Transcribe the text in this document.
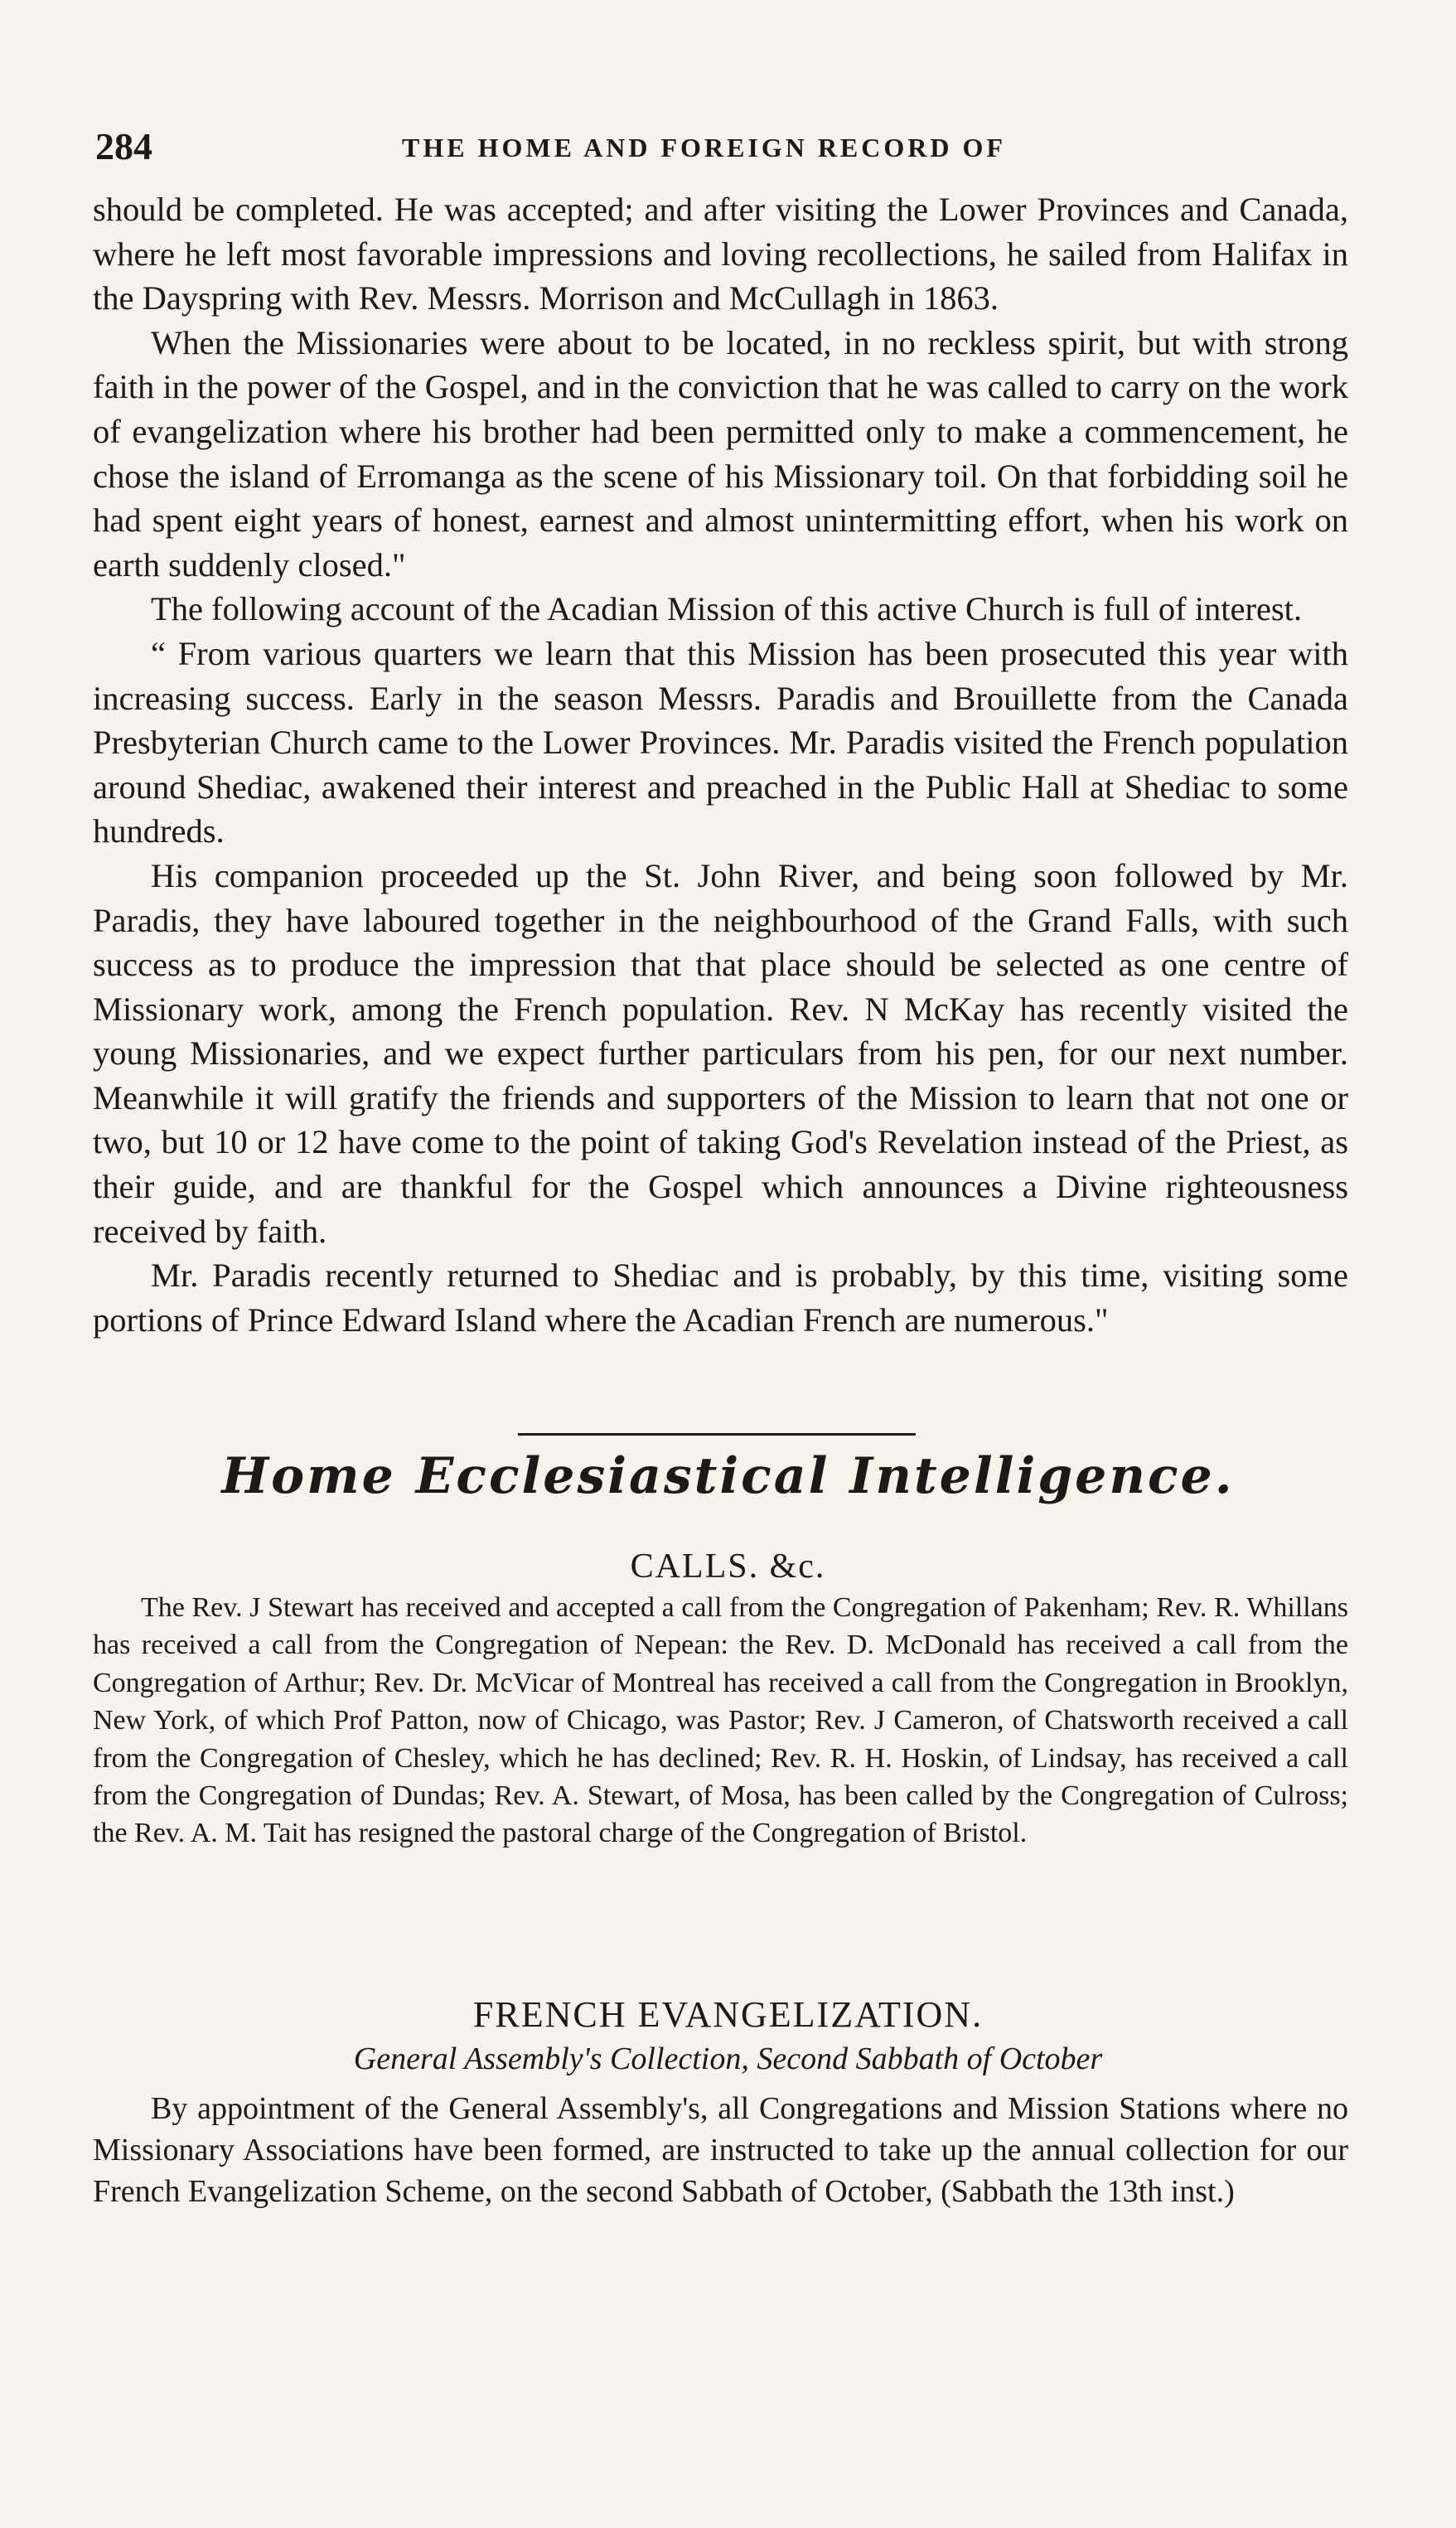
284	THE HOME AND FOREIGN RECORD OF

should be completed. He was accepted; and after visiting the Lower Provinces and Canada, where he left most favorable impressions and loving recollections, he sailed from Halifax in the Dayspring with Rev. Messrs. Morrison and McCullagh in 1863.

When the Missionaries were about to be located, in no reckless spirit, but with strong faith in the power of the Gospel, and in the conviction that he was called to carry on the work of evangelization where his brother had been permitted only to make a commencement, he chose the island of Erromanga as the scene of his Missionary toil. On that forbidding soil he had spent eight years of honest, earnest and almost unintermitting effort, when his work on earth suddenly closed."

The following account of the Acadian Mission of this active Church is full of interest.

“ From various quarters we learn that this Mission has been prosecuted this year with increasing success. Early in the season Messrs. Paradis and Brouillette from the Canada Presbyterian Church came to the Lower Provinces. Mr. Paradis visited the French population around Shediac, awakened their interest and preached in the Public Hall at Shediac to some hundreds.

His companion proceeded up the St. John River, and being soon followed by Mr. Paradis, they have laboured together in the neighbourhood of the Grand Falls, with such success as to produce the impression that that place should be selected as one centre of Missionary work, among the French population. Rev. N McKay has recently visited the young Missionaries, and we expect further particulars from his pen, for our next number. Meanwhile it will gratify the friends and supporters of the Mission to learn that not one or two, but 10 or 12 have come to the point of taking God's Revelation instead of the Priest, as their guide, and are thankful for the Gospel which announces a Divine righteousness received by faith.

Mr. Paradis recently returned to Shediac and is probably, by this time, visiting some portions of Prince Edward Island where the Acadian French are numerous."

Home Ecclesiastical Intelligence.
CALLS. &c.

The Rev. J Stewart has received and accepted a call from the Congregation of Pakenham; Rev. R. Whillans has received a call from the Congregation of Nepean: the Rev. D. McDonald has received a call from the Congregation of Arthur; Rev. Dr. McVicar of Montreal has received a call from the Congregation in Brooklyn, New York, of which Prof Patton, now of Chicago, was Pastor; Rev. J Cameron, of Chatsworth received a call from the Congregation of Chesley, which he has declined; Rev. R. H. Hoskin, of Lindsay, has received a call from the Congregation of Dundas; Rev. A. Stewart, of Mosa, has been called by the Congregation of Culross; the Rev. A. M. Tait has resigned the pastoral charge of the Congregation of Bristol.

FRENCH EVANGELIZATION.
General Assembly's Collection, Second Sabbath of October

By appointment of the General Assembly's, all Congregations and Mission Stations where no Missionary Associations have been formed, are instructed to take up the annual collection for our French Evangelization Scheme, on the second Sabbath of October, (Sabbath the 13th inst.)
